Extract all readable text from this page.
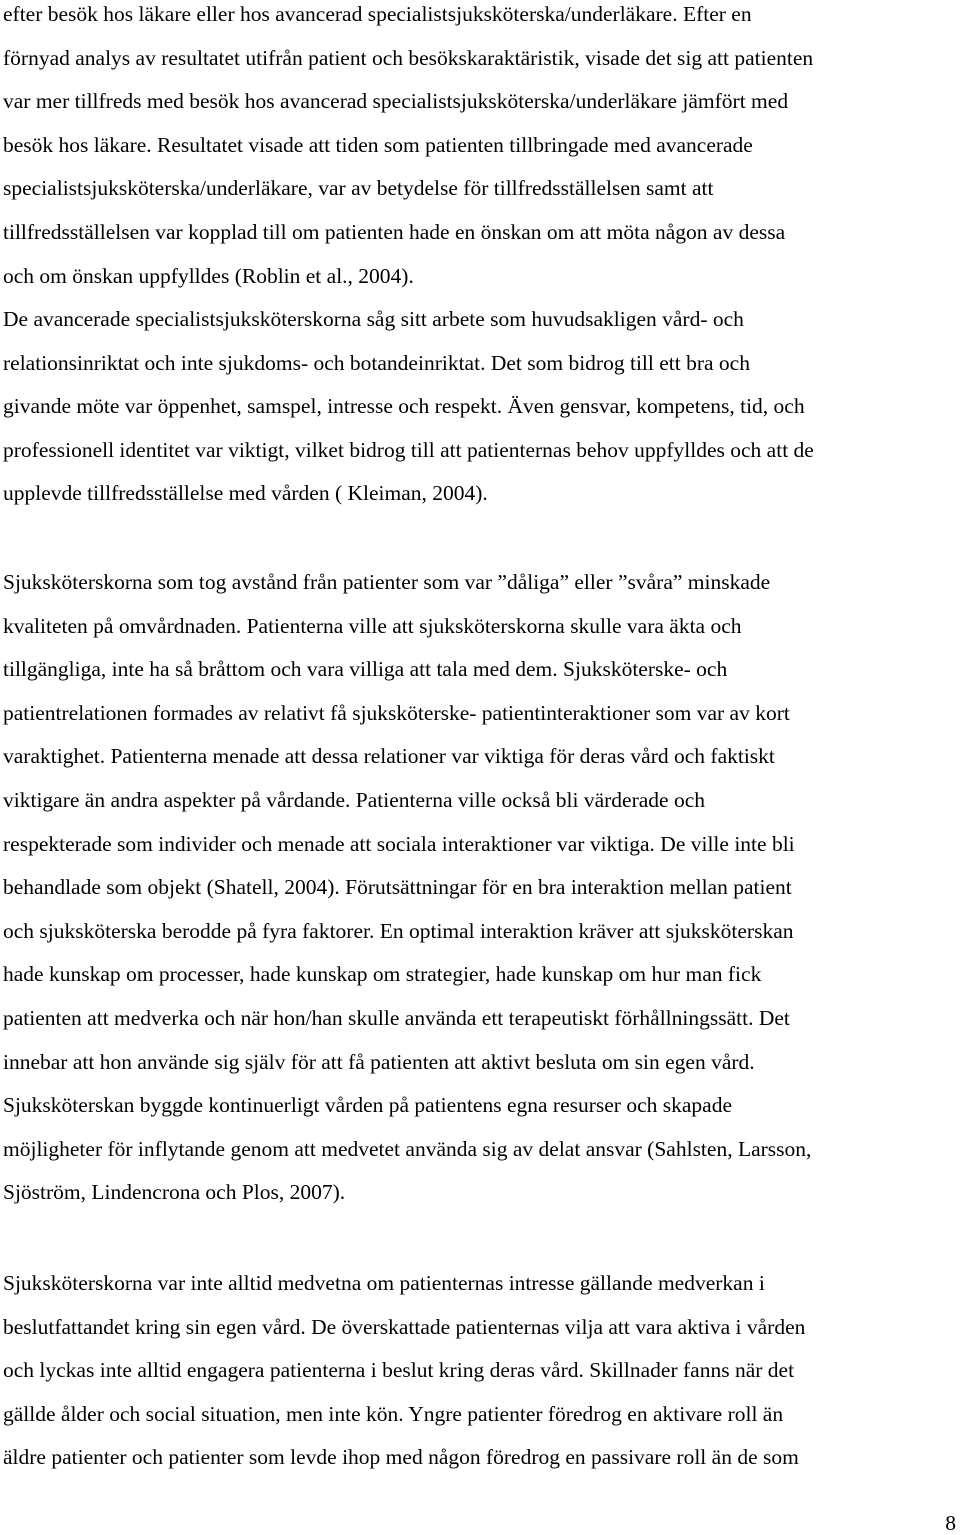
efter besök hos läkare eller hos avancerad specialistsjuksköterska/underläkare. Efter en
förnyad analys av resultatet utifrån patient och besökskaraktäristik, visade det sig att patienten
var mer tillfreds med besök hos avancerad specialistsjuksköterska/underläkare jämfört med
besök hos läkare. Resultatet visade att tiden som patienten tillbringade med avancerade
specialistsjuksköterska/underläkare, var av betydelse för tillfredsställelsen samt att
tillfredsställelsen var kopplad till om patienten hade en önskan om att möta någon av dessa
och om önskan uppfylldes (Roblin et al., 2004).
De avancerade specialistsjuksköterskorna såg sitt arbete som huvudsakligen vård- och
relationsinriktat och inte sjukdoms- och botandeinriktat. Det som bidrog till ett bra och
givande möte var öppenhet, samspel, intresse och respekt. Även gensvar, kompetens, tid, och
professionell identitet var viktigt, vilket bidrog till att patienternas behov uppfylldes och att de
upplevde tillfredsställelse med vården ( Kleiman, 2004).
Sjuksköterskorna som tog avstånd från patienter som var ”dåliga” eller ”svåra” minskade
kvaliteten på omvårdnaden. Patienterna ville att sjuksköterskorna skulle vara äkta och
tillgängliga, inte ha så bråttom och vara villiga att tala med dem. Sjuksköterske- och
patientrelationen formades av relativt få sjuksköterske- patientinteraktioner som var av kort
varaktighet. Patienterna menade att dessa relationer var viktiga för deras vård och faktiskt
viktigare än andra aspekter på vårdande. Patienterna ville också bli värderade och
respekterade som individer och menade att sociala interaktioner var viktiga. De ville inte bli
behandlade som objekt (Shatell, 2004). Förutsättningar för en bra interaktion mellan patient
och sjuksköterska berodde på fyra faktorer. En optimal interaktion kräver att sjuksköterskan
hade kunskap om processer, hade kunskap om strategier, hade kunskap om hur man fick
patienten att medverka och när hon/han skulle använda ett terapeutiskt förhållningssätt. Det
innebar att hon använde sig själv för att få patienten att aktivt besluta om sin egen vård.
Sjuksköterskan byggde kontinuerligt vården på patientens egna resurser och skapade
möjligheter för inflytande genom att medvetet använda sig av delat ansvar (Sahlsten, Larsson,
Sjöström, Lindencrona och Plos, 2007).
Sjuksköterskorna var inte alltid medvetna om patienternas intresse gällande medverkan i
beslutfattandet kring sin egen vård. De överskattade patienternas vilja att vara aktiva i vården
och lyckas inte alltid engagera patienterna i beslut kring deras vård. Skillnader fanns när det
gällde ålder och social situation, men inte kön. Yngre patienter föredrog en aktivare roll än
äldre patienter och patienter som levde ihop med någon föredrog en passivare roll än de som
8
